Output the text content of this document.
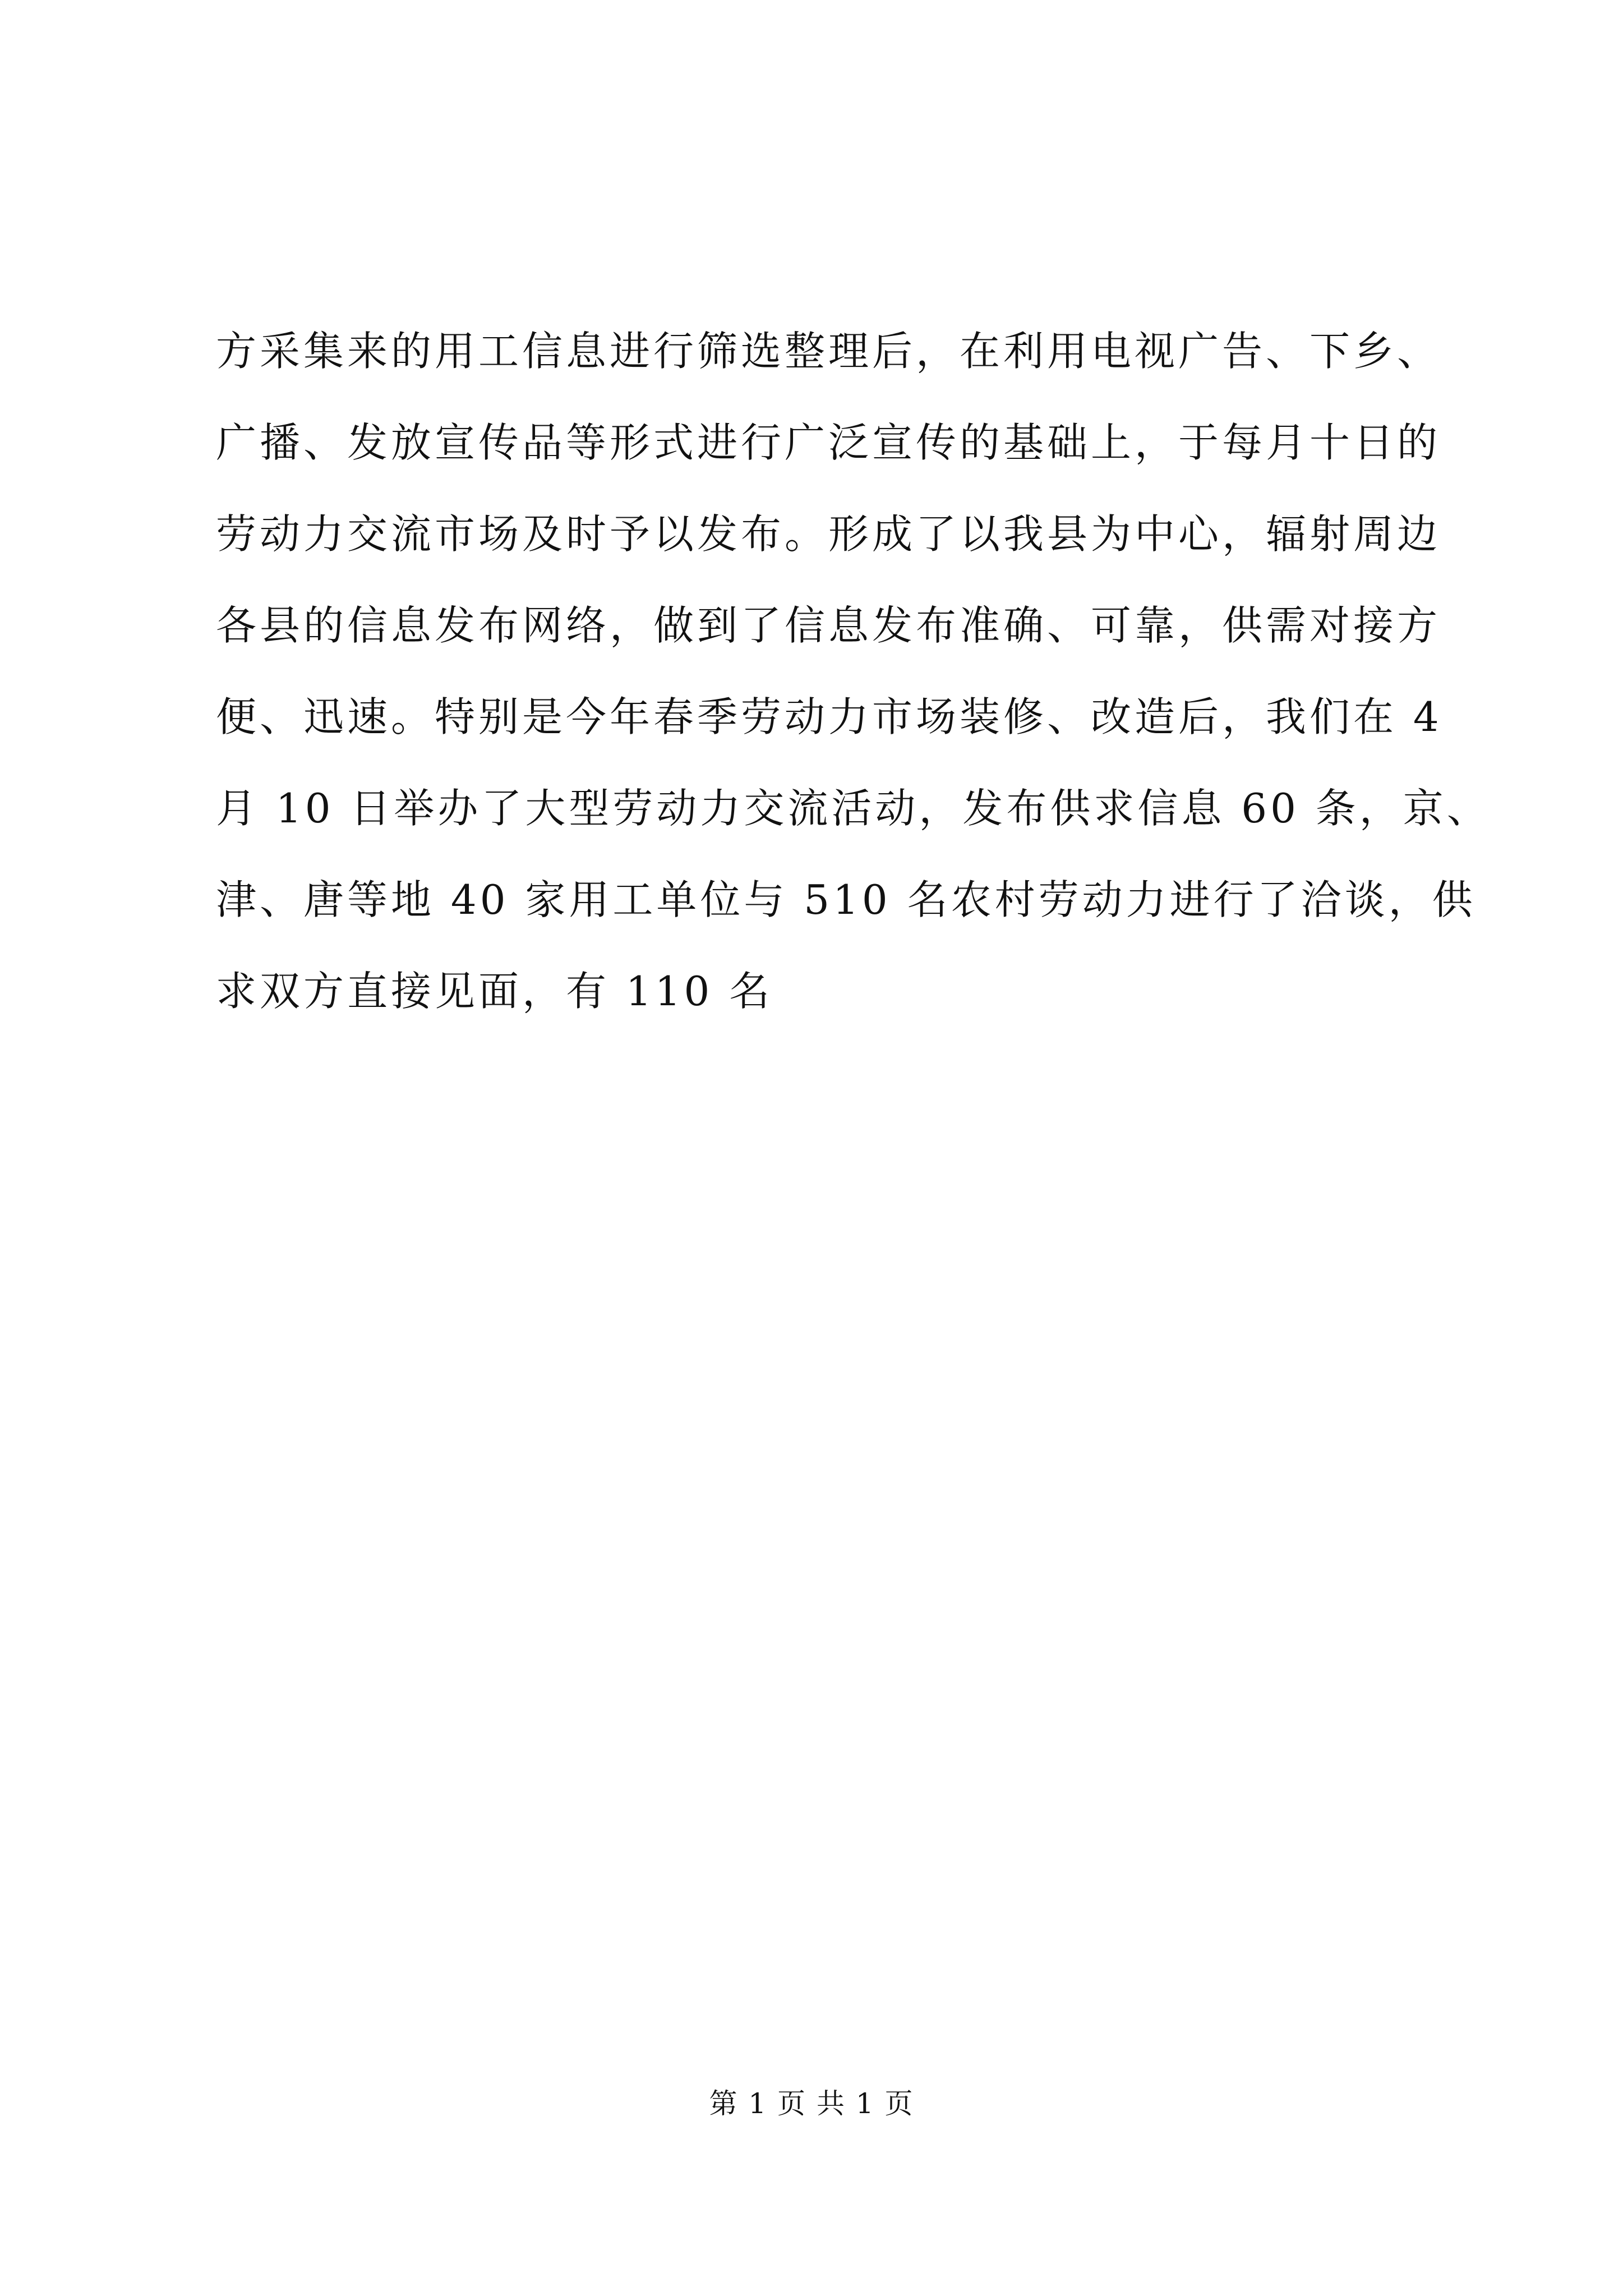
方采集来的用工信息进行筛选整理后，在利用电视广告、下乡、
广播、发放宣传品等形式进行广泛宣传的基础上，于每月十日的
劳动力交流市场及时予以发布。形成了以我县为中心，辐射周边
各县的信息发布网络，做到了信息发布准确、可靠，供需对接方
便、迅速。特别是今年春季劳动力市场装修、改造后，我们在 4
月 10 日举办了大型劳动力交流活动，发布供求信息 60 条，京、
津、唐等地 40 家用工单位与 510 名农村劳动力进行了洽谈，供
求双方直接见面，有 110 名
第 1 页 共 1 页
